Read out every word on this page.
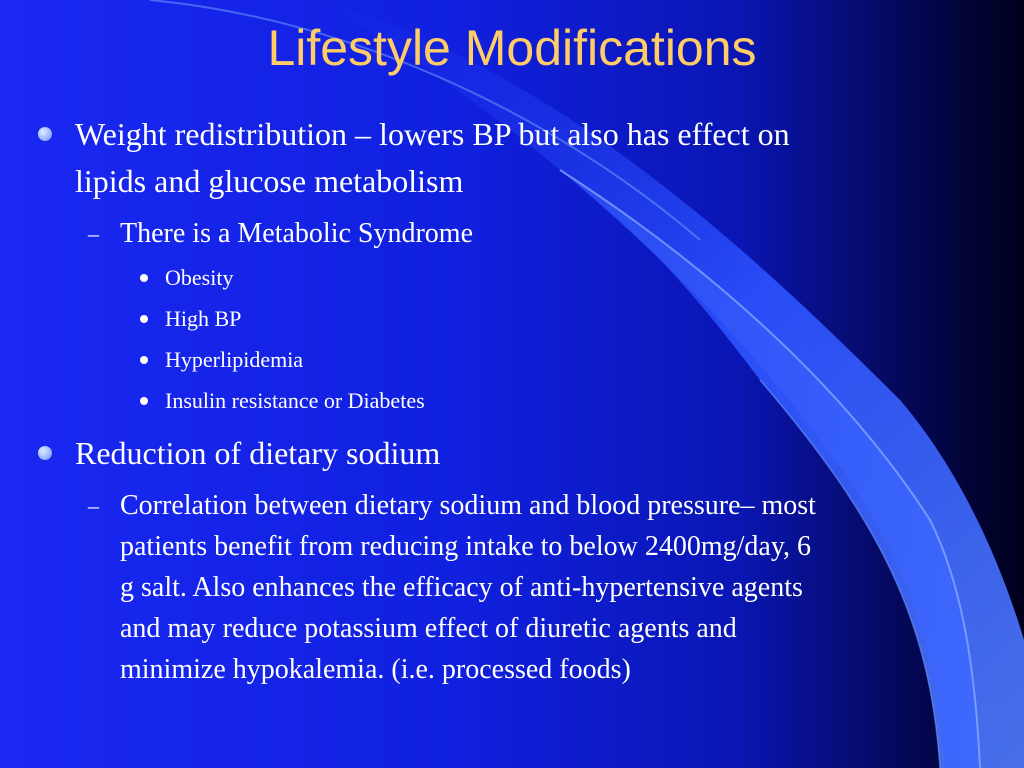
Lifestyle Modifications
Weight redistribution – lowers BP but also has effect on
lipids and glucose metabolism
– There is a Metabolic Syndrome
Obesity
High BP
Hyperlipidemia
Insulin resistance or Diabetes
Reduction of dietary sodium
– Correlation between dietary sodium and blood pressure– most
patients benefit from reducing intake to below 2400mg/day, 6
g salt. Also enhances the efficacy of anti-hypertensive agents
and may reduce potassium effect of diuretic agents and
minimize hypokalemia. (i.e. processed foods)
